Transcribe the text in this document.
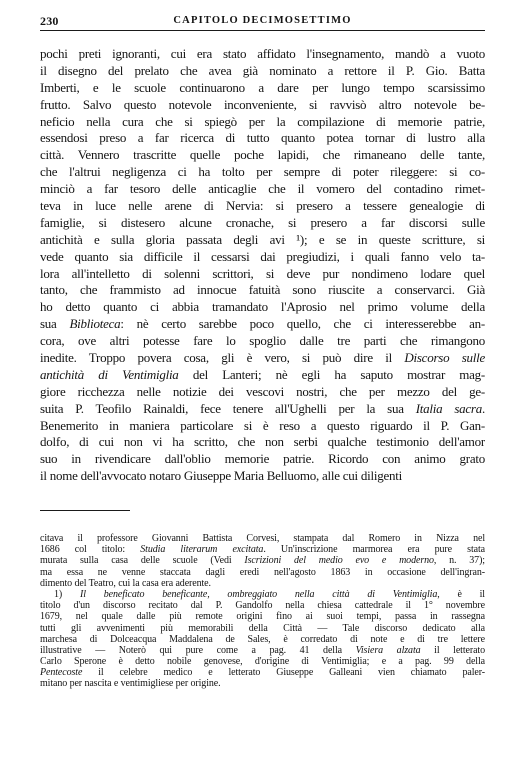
230	CAPITOLO DECIMOSETTIMO
pochi preti ignoranti, cui era stato affidato l'insegnamento, mandò a vuoto
il disegno del prelato che avea già nominato a rettore il P. Gio. Batta
Imberti, e le scuole continuarono a dare per lungo tempo scarsissimo
frutto. Salvo questo notevole inconveniente, si ravvisò altro notevole be-
neficio nella cura che si spiegò per la compilazione di memorie patrie,
essendosi preso a far ricerca di tutto quanto potea tornar di lustro alla
città. Vennero trascritte quelle poche lapidi, che rimaneano delle tante,
che l'altrui negligenza ci ha tolto per sempre di poter rileggere: si co-
minciò a far tesoro delle anticaglie che il vomero del contadino rimet-
teva in luce nelle arene di Nervia: si presero a tessere genealogie di
famiglie, si distesero alcune cronache, si presero a far discorsi sulle
antichità e sulla gloria passata degli avi ¹); e se in queste scritture, si
vede quanto sia difficile il cessarsi dai pregiudizi, i quali fanno velo ta-
lora all'intelletto di solenni scrittori, si deve pur nondimeno lodare quel
tanto, che frammisto ad innocue fatuità sono riuscite a conservarci. Già
ho detto quanto ci abbia tramandato l'Aprosio nel primo volume della
sua Biblioteca: nè certo sarebbe poco quello, che ci interesserebbe an-
cora, ove altri potesse fare lo spoglio dalle tre parti che rimangono
inedite. Troppo povera cosa, gli è vero, si può dire il Discorso sulle
antichità di Ventimiglia del Lanteri; nè egli ha saputo mostrar mag-
giore ricchezza nelle notizie dei vescovi nostri, che per mezzo del ge-
suita P. Teofilo Rainaldi, fece tenere all'Ughelli per la sua Italia sacra.
Benemerito in maniera particolare si è reso a questo riguardo il P. Gan-
dolfo, di cui non vi ha scritto, che non serbi qualche testimonio dell'amor
suo in rivendicare dall'oblio memorie patrie. Ricordo con animo grato
il nome dell'avvocato notaro Giuseppe Maria Belluomo, alle cui diligenti
citava il professore Giovanni Battista Corvesi, stampata dal Romero in Nizza nel
1686 col titolo: Studia literarum excitata. Un'inscrizione marmorea era pure stata
murata sulla casa delle scuole (Vedi Iscrizioni del medio evo e moderno, n. 37);
ma essa ne venne staccata dagli eredi nell'agosto 1863 in occasione dell'ingran-
dimento del Teatro, cui la casa era aderente.
1) Il beneficato beneficante, ombreggiato nella città di Ventimiglia, è il
titolo d'un discorso recitato dal P. Gandolfo nella chiesa cattedrale il 1° novembre
1679, nel quale dalle più remote origini fino ai suoi tempi, passa in rassegna
tutti gli avvenimenti più memorabili della Città — Tale discorso dedicato alla
marchesa di Dolceacqua Maddalena de Sales, è corredato di note e di tre lettere
illustrative — Noterò qui pure come a pag. 41 della Visiera alzata il letterato
Carlo Sperone è detto nobile genovese, d'origine di Ventimiglia; e a pag. 99 della
Pentecoste il celebre medico e letterato Giuseppe Galleani vien chiamato paler-
mitano per nascita e ventimigliese per origine.
